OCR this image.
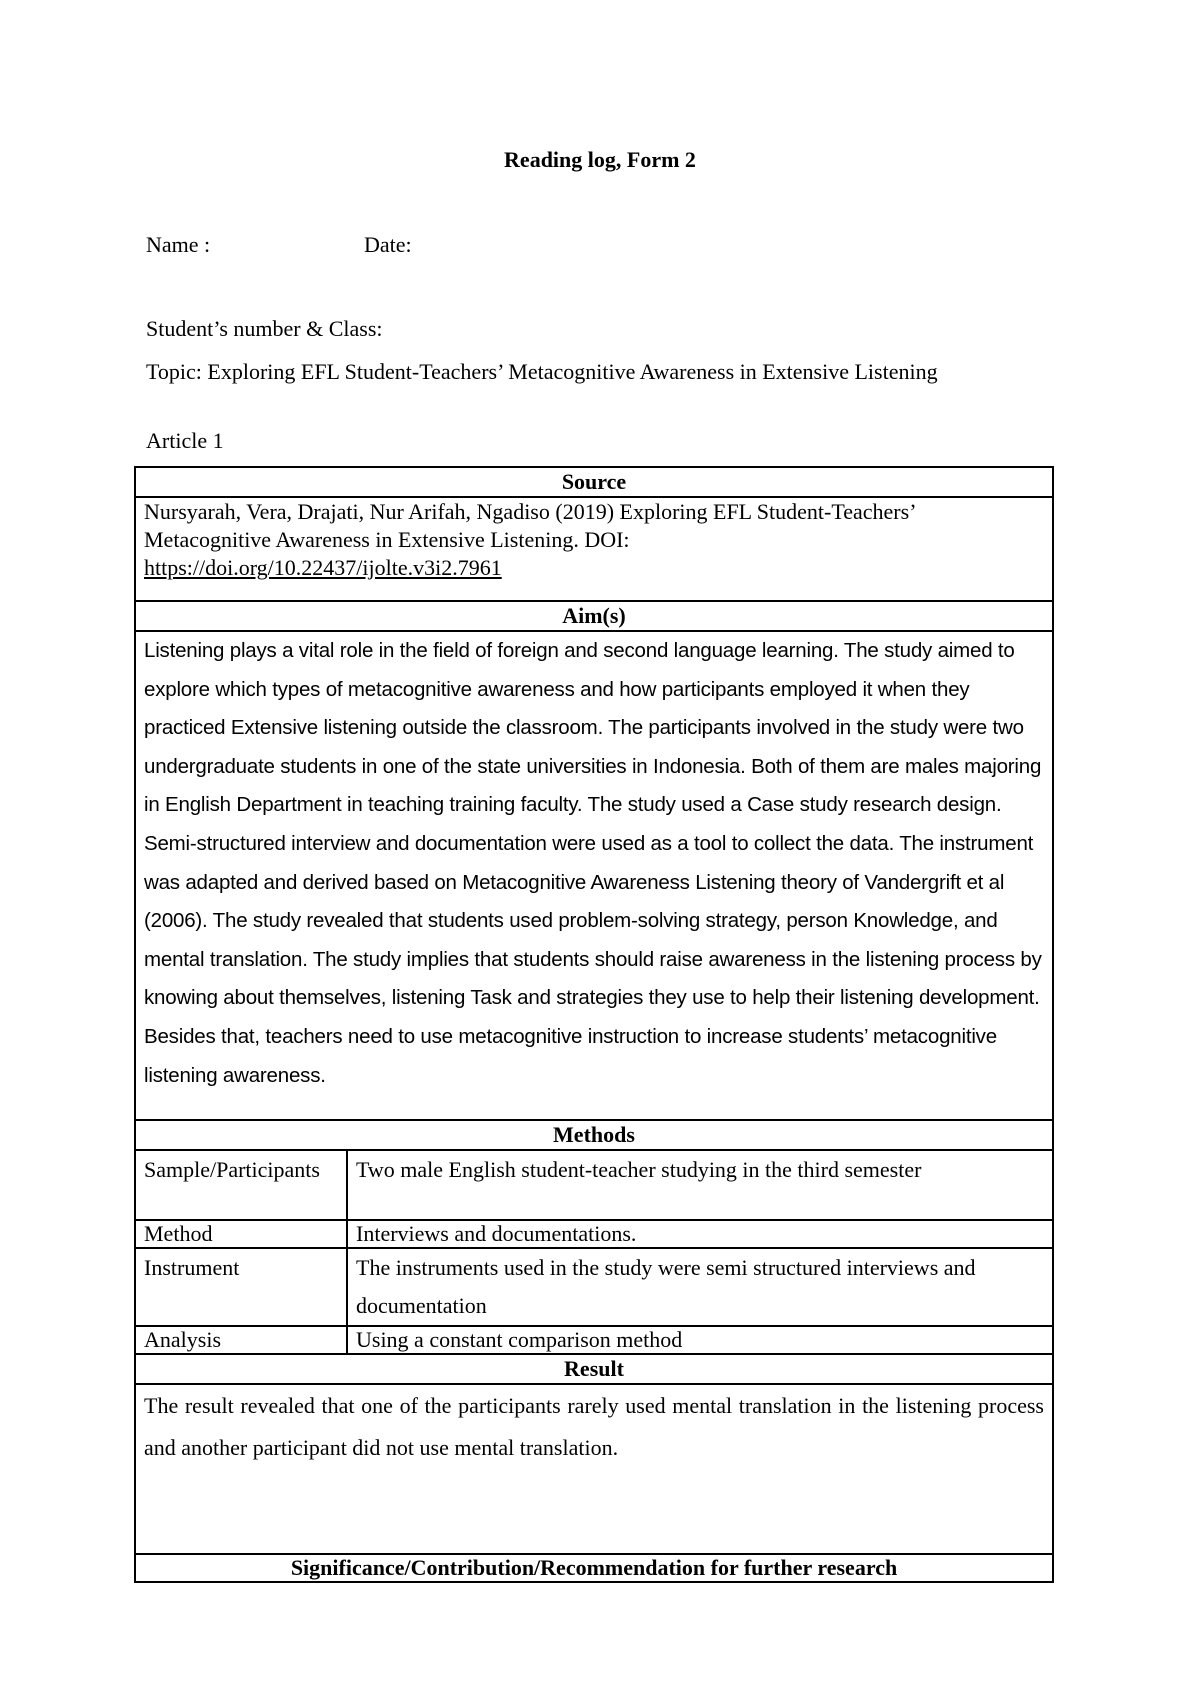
Reading log, Form 2
Name :	Date:
Student’s number & Class:
Topic: Exploring EFL Student-Teachers’ Metacognitive Awareness in Extensive Listening
Article 1
Source	
Nursyarah, Vera, Drajati, Nur Arifah, Ngadiso (2019) Exploring EFL Student-Teachers’ Metacognitive Awareness in Extensive Listening. DOI:
https://doi.org/10.22437/ijolte.v3i2.7961	
Aim(s)	
Listening plays a vital role in the field of foreign and second language learning. The study aimed to explore which types of metacognitive awareness and how participants employed it when they practiced Extensive listening outside the classroom. The participants involved in the study were two undergraduate students in one of the state universities in Indonesia. Both of them are males majoring in English Department in teaching training faculty. The study used a Case study research design. Semi-structured interview and documentation were used as a tool to collect the data. The instrument was adapted and derived based on Metacognitive Awareness Listening theory of Vandergrift et al (2006). The study revealed that students used problem-solving strategy, person Knowledge, and mental translation. The study implies that students should raise awareness in the listening process by knowing about themselves, listening Task and strategies they use to help their listening development. Besides that, teachers need to use metacognitive instruction to increase students’ metacognitive listening awareness.	
Methods	
Sample/Participants	Two male English student-teacher studying in the third semester
Method	Interviews and documentations.
Instrument	The instruments used in the study were semi structured interviews and documentation
Analysis	Using a constant comparison method
Result	
The result revealed that one of the participants rarely used mental translation in the listening process and another participant did not use mental translation.	
Significance/Contribution/Recommendation for further research	
